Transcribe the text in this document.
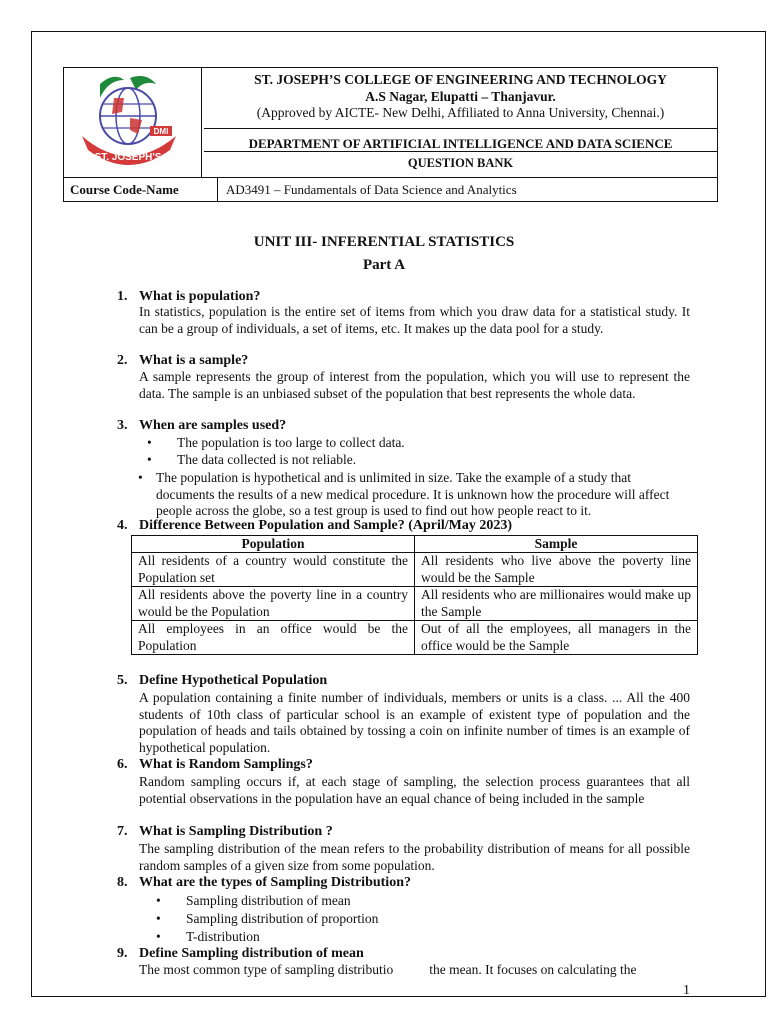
ST. JOSEPH'S
DMI
ST. JOSEPH’S COLLEGE OF ENGINEERING AND TECHNOLOGY
A.S Nagar, Elupatti – Thanjavur.
(Approved by AICTE- New Delhi, Affiliated to Anna University, Chennai.)
DEPARTMENT OF ARTIFICIAL INTELLIGENCE AND DATA SCIENCE
QUESTION BANK
Course Code-Name	AD3491 – Fundamentals of Data Science and Analytics
UNIT III- INFERENTIAL STATISTICS
Part A
1. What is population?
In statistics, population is the entire set of items from which you draw data for a statistical study. It can be a group of individuals, a set of items, etc. It makes up the data pool for a study.
2. What is a sample?
A sample represents the group of interest from the population, which you will use to represent the data. The sample is an unbiased subset of the population that best represents the whole data.
3. When are samples used?
• The population is too large to collect data.
• The data collected is not reliable.
• The population is hypothetical and is unlimited in size. Take the example of a study that documents the results of a new medical procedure. It is unknown how the procedure will affect people across the globe, so a test group is used to find out how people react to it.
4. Difference Between Population and Sample? (April/May 2023)
Population	Sample
All residents of a country would constitute the Population set	All residents who live above the poverty line would be the Sample
All residents above the poverty line in a country would be the Population	All residents who are millionaires would make up the Sample
All employees in an office would be the Population	Out of all the employees, all managers in the office would be the Sample
5. Define Hypothetical Population
A population containing a finite number of individuals, members or units is a class. ... All the 400 students of 10th class of particular school is an example of existent type of population and the population of heads and tails obtained by tossing a coin on infinite number of times is an example of hypothetical population.
6. What is Random Samplings?
Random sampling occurs if, at each stage of sampling, the selection process guarantees that all potential observations in the population have an equal chance of being included in the sample
7. What is Sampling Distribution ?
The sampling distribution of the mean refers to the probability distribution of means for all possible random samples of a given size from some population.
8. What are the types of Sampling Distribution?
• Sampling distribution of mean
• Sampling distribution of proportion
• T-distribution
9. Define Sampling distribution of mean
The most common type of sampling distributio	the mean. It focuses on calculating the
1
